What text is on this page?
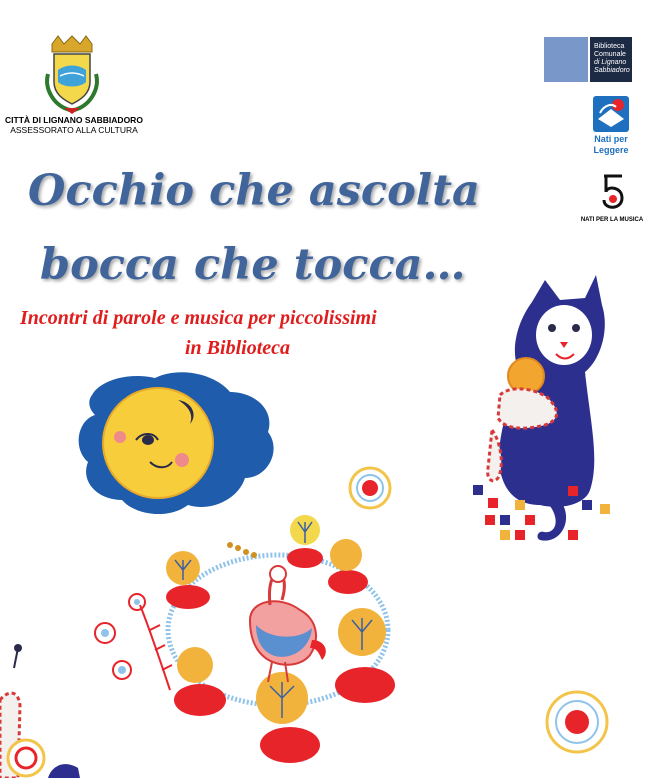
CITTÀ DI LIGNANO SABBIADORO
ASSESSORATO ALLA CULTURA
Biblioteca
Comunale
di Lignano
Sabbiadoro
Nati per
Leggere
NATI PER LA MUSICA
Occhio che ascolta
bocca che tocca…
Incontri di parole e musica per piccolissimi
in Biblioteca
